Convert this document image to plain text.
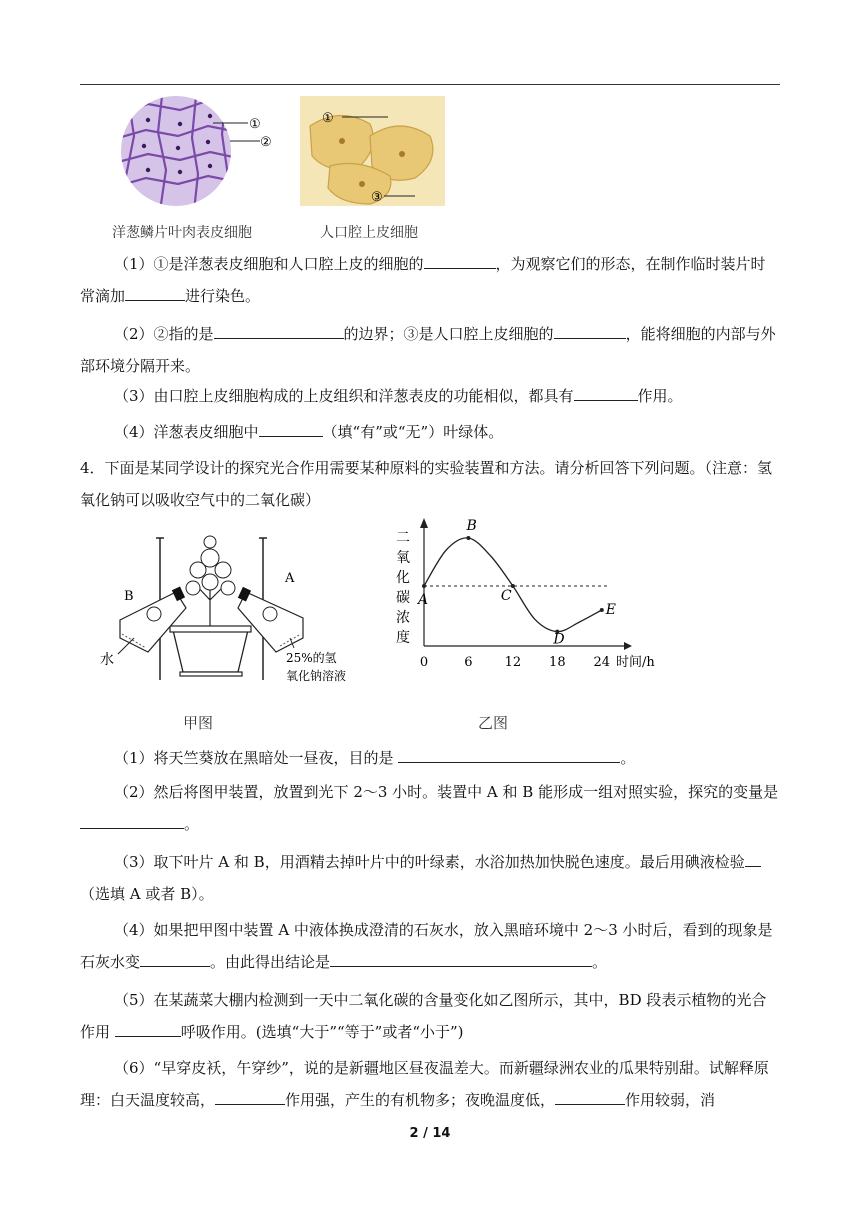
①
②
洋葱鳞片叶肉表皮细胞
①
③
人口腔上皮细胞
（1）①是洋葱表皮细胞和人口腔上皮的细胞的	，为观察它们的形态，在制作临时装片时常滴加	进行染色。
（2）②指的是	的边界；③是人口腔上皮细胞的	，能将细胞的内部与外部环境分隔开来。
（3）由口腔上皮细胞构成的上皮组织和洋葱表皮的功能相似，都具有	作用。
（4）洋葱表皮细胞中	（填“有”或“无”）叶绿体。
4．下面是某同学设计的探究光合作用需要某种原料的实验装置和方法。请分析回答下列问题。（注意：氢氧化钠可以吸收空气中的二氧化碳）
B
A
水	25%的氢
氧化钠溶液
甲图
二
氧
化
碳
浓
度
0	6 12 18 24
A
B
C
D
E
时间/h
乙图
（1）将天竺葵放在黑暗处一昼夜，目的是	。
（2）然后将图甲装置，放置到光下 2～3 小时。装置中 A 和 B 能形成一组对照实验，探究的变量是 。
（3）取下叶片 A 和 B，用酒精去掉叶片中的叶绿素，水浴加热加快脱色速度。最后用碘液检验（选填 A 或者 B）。
（4）如果把甲图中装置 A 中液体换成澄清的石灰水，放入黑暗环境中 2～3 小时后，看到的现象是石灰水变	。由此得出结论是	。
（5）在某蔬菜大棚内检测到一天中二氧化碳的含量变化如乙图所示，其中，BD 段表示植物的光合作用	呼吸作用。(选填“大于”“等于”或者“小于”)
（6）“早穿皮袄，午穿纱”，说的是新疆地区昼夜温差大。而新疆绿洲农业的瓜果特别甜。试解释原理：白天温度较高，	作用强，产生的有机物多；夜晚温度低，	作用较弱，消
2 / 14
